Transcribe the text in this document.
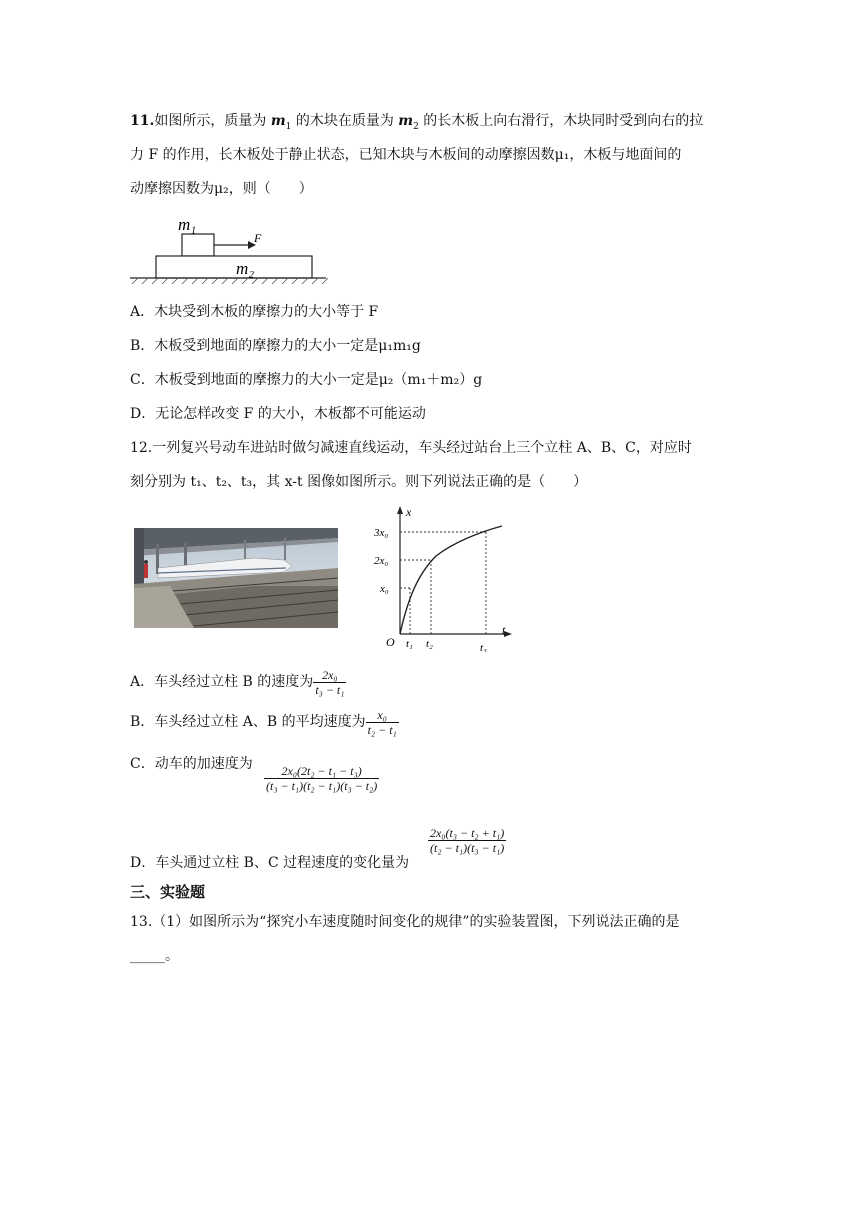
11.如图所示，质量为 $m_1$ 的木块在质量为 $m_2$ 的长木板上向右滑行，木块同时受到向右的拉
力 F 的作用，长木板处于静止状态，已知木块与木板间的动摩擦因数μ₁，木板与地面间的
动摩擦因数为μ₂，则（　　）
m₁
F
m₂
A．木块受到木板的摩擦力的大小等于 F
B．木板受到地面的摩擦力的大小一定是μ₁m₁g
C．木板受到地面的摩擦力的大小一定是μ₂（m₁＋m₂）g
D．无论怎样改变 F 的大小，木板都不可能运动
12.一列复兴号动车进站时做匀减速直线运动，车头经过站台上三个立柱 A、B、C，对应时
刻分别为 t₁、t₂、t₃，其 x-t 图像如图所示。则下列说法正确的是（　　）
x
t
O
3x₀
2x₀
x₀
t₁ t₂	t₃
A．车头经过立柱 B 的速度为 $\frac{\text{2x₀}}{\text{t₃ − t₁}}$
B．车头经过立柱 A、B 的平均速度为 $\frac{\text{x₀}}{\text{t₂ − t₁}}$
C．动车的加速度为 $\frac{\text{2x₀(2t₂ − t₁ − t₃)}}{\text{(t₃ − t₁)(t₂ − t₁)(t₃ − t₂)}}$
$\frac{\text{2x₀(t₃ − t₂ + t₁)}}{\text{(t₂ − t₁)(t₃ − t₁)}}$
D．车头通过立柱 B、C 过程速度的变化量为
三、实验题
13.（1）如图所示为“探究小车速度随时间变化的规律”的实验装置图，下列说法正确的是
_____。
